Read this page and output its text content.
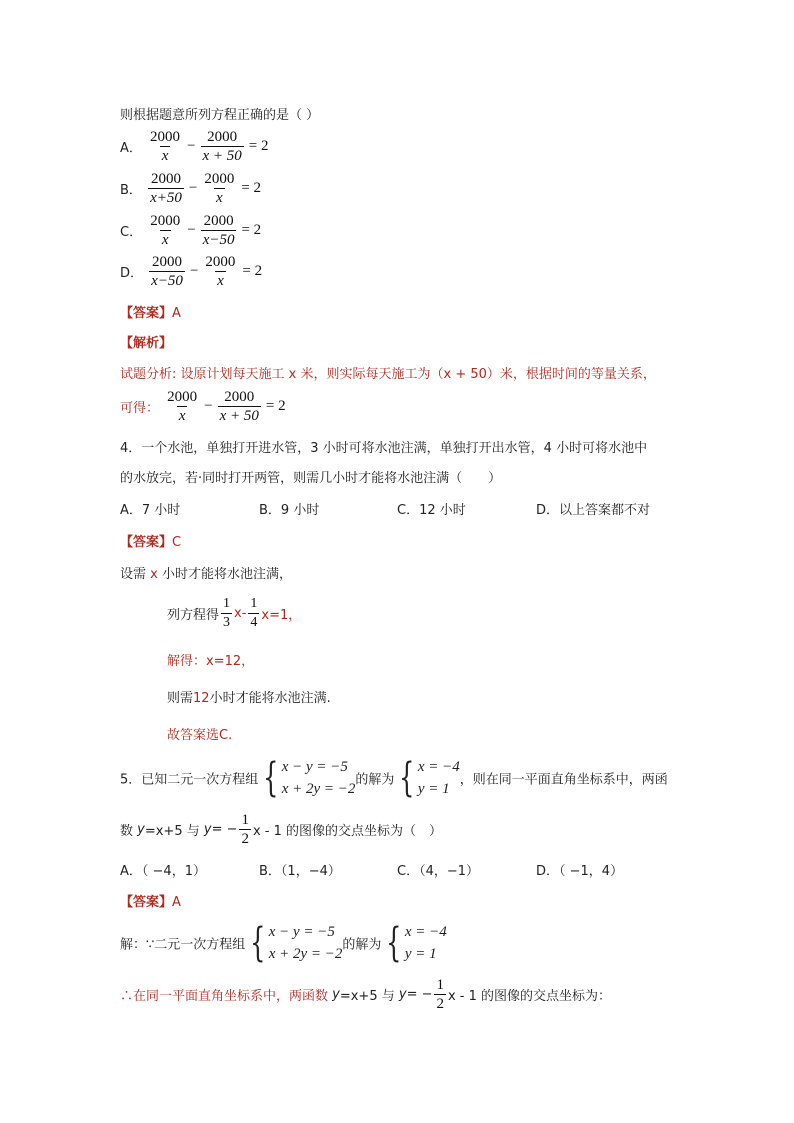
则根据题意所列方程正确的是（ ）
A． $\frac{2000}{x} - \frac{2000}{x + 50} = 2$
B． $\frac{2000}{x+50} - \frac{2000}{x} = 2$
C． $\frac{2000}{x} - \frac{2000}{x-50} = 2$
D． $\frac{2000}{x-50} - \frac{2000}{x} = 2$
【答案】A
【解析】
试题分析: 设原计划每天施工 x 米，则实际每天施工为（x + 50）米，根据时间的等量关系，
可得： $\frac{2000}{x} - \frac{2000}{x + 50} = 2$
4．一个水池，单独打开进水管，3 小时可将水池注满，单独打开出水管，4 小时可将水池中
的水放完，若·同时打开两管，则需几小时才能将水池注满（　　）
A．7 小时	B．9 小时	C．12 小时	D．以上答案都不对
【答案】C
设需 x 小时才能将水池注满，
列方程得 $\frac{1}{3} x- \frac{1}{4} x=1$，
解得：x=12，
则需12小时才能将水池注满.
故答案选C.
5．已知二元一次方程组 { x − y = −5
x + 2y = −2
的解为 { x = −4
y = 1
，则在同一平面直角坐标系中，两函
数 y=x+5 与 $y= - \frac{1}{2}$ x - 1 的图像的交点坐标为（　）
A．（ −4，1）	B．（1，−4）	C．（4，−1）	D．（ −1，4）
【答案】A
解：∵二元一次方程组 { x − y = −5
x + 2y = −2
的解为 { x = −4
y = 1
∴在同一平面直角坐标系中，两函数 y=x+5 与 $y= - \frac{1}{2}$ x - 1 的图像的交点坐标为：
